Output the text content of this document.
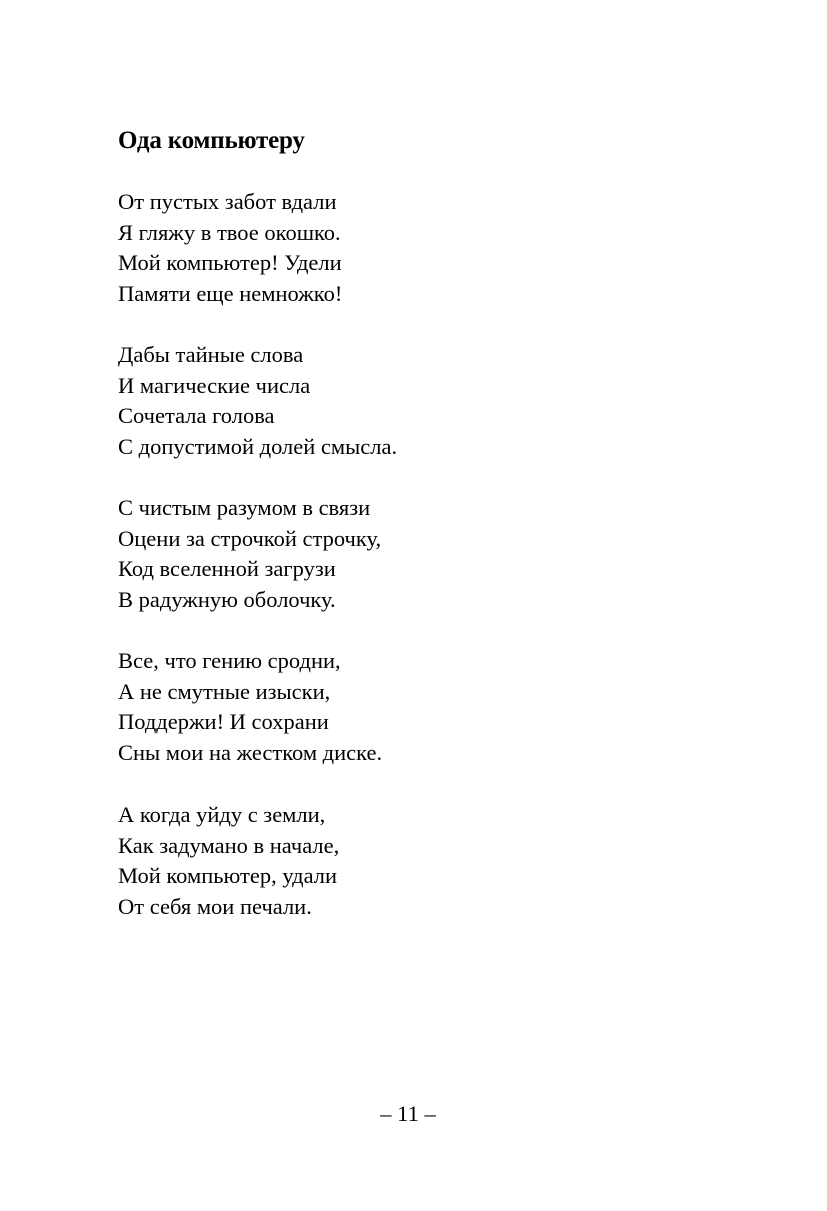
Ода компьютеру
От пустых забот вдали
Я гляжу в твое окошко.
Мой компьютер! Удели
Памяти еще немножко!
Дабы тайные слова
И магические числа
Сочетала голова
С допустимой долей смысла.
С чистым разумом в связи
Оцени за строчкой строчку,
Код вселенной загрузи
В радужную оболочку.
Все, что гению сродни,
А не смутные изыски,
Поддержи! И сохрани
Сны мои на жестком диске.
А когда уйду с земли,
Как задумано в начале,
Мой компьютер, удали
От себя мои печали.
– 11 –
